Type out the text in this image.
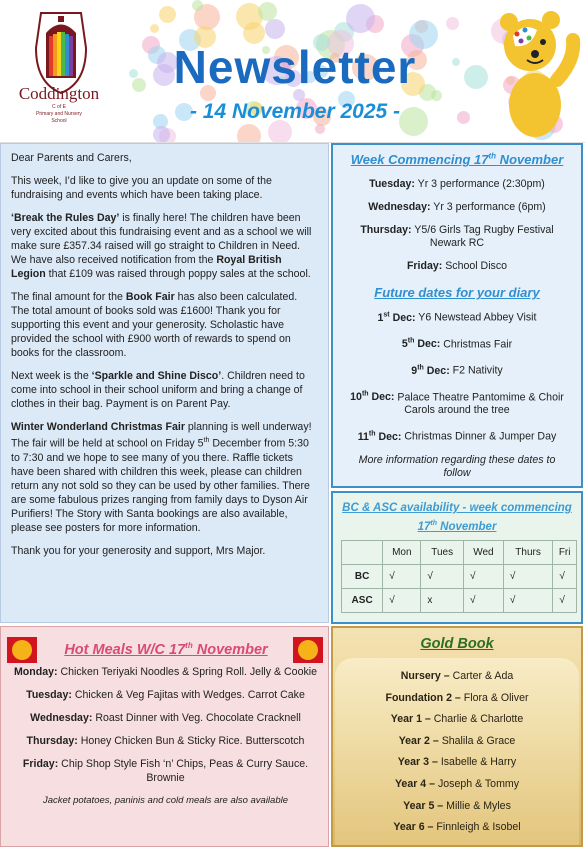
Coddington
C of E
Primary and Nursery
School
Newsletter
- 14 November 2025 -

Dear Parents and Carers,

This week, I’d like to give you an update on some of the fundraising and events which have been taking place.

‘Break the Rules Day’ is finally here! The children have been very excited about this fundraising event and as a school we will make sure £357.34 raised will go straight to Children in Need. We have also received notification from the Royal British Legion that £109 was raised through poppy sales at the school.

The final amount for the Book Fair has also been calculated. The total amount of books sold was £1600! Thank you for supporting this event and your generosity. Scholastic have provided the school with £900 worth of rewards to spend on books for the classroom.

Next week is the ‘Sparkle and Shine Disco’. Children need to come into school in their school uniform and bring a change of clothes in their bag. Payment is on Parent Pay.

Winter Wonderland Christmas Fair planning is well underway! The fair will be held at school on Friday 5th December from 5:30 to 7:30 and we hope to see many of you there. Raffle tickets have been shared with children this week, please can children return any not sold so they can be used by other families. There are some fabulous prizes ranging from family days to Dyson Air Purifiers! The Story with Santa bookings are also available, please see posters for more information.

Thank you for your generosity and support, Mrs Major.

Week Commencing 17th November
Tuesday: Yr 3 performance (2:30pm)
Wednesday: Yr 3 performance (6pm)
Thursday: Y5/6 Girls Tag Rugby Festival Newark RC
Friday: School Disco
Future dates for your diary
1st Dec: Y6 Newstead Abbey Visit
5th Dec: Christmas Fair
9th Dec: F2 Nativity
10th Dec: Palace Theatre Pantomime & Choir Carols around the tree
11th Dec: Christmas Dinner & Jumper Day
More information regarding these dates to follow
BC & ASC availability - week commencing 17th November
	Mon	Tues	Wed	Thurs	Fri
BC	√	√	√	√	√
ASC	√	x	√	√	√
Hot Meals W/C 17th November
Monday: Chicken Teriyaki Noodles & Spring Roll. Jelly & Cookie
Tuesday: Chicken & Veg Fajitas with Wedges. Carrot Cake
Wednesday: Roast Dinner with Veg. Chocolate Cracknell
Thursday: Honey Chicken Bun & Sticky Rice. Butterscotch
Friday: Chip Shop Style Fish ‘n’ Chips, Peas & Curry Sauce. Brownie
Jacket potatoes, paninis and cold meals are also available
Gold Book
Nursery – Carter & Ada
Foundation 2 – Flora & Oliver
Year 1 – Charlie & Charlotte
Year 2 – Shalila & Grace
Year 3 – Isabelle & Harry
Year 4 – Joseph & Tommy
Year 5 – Millie & Myles
Year 6 – Finnleigh & Isobel
